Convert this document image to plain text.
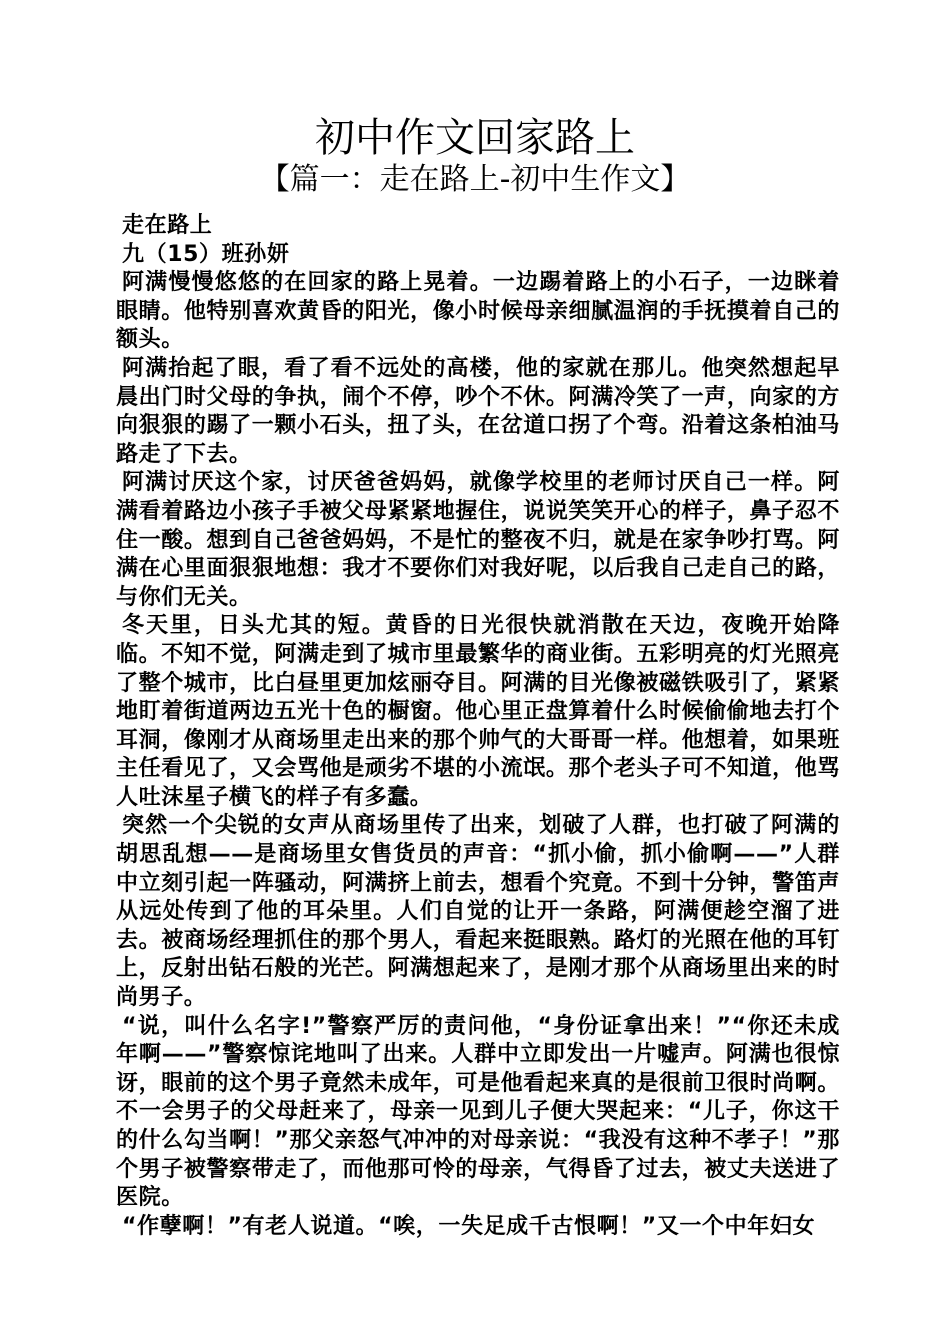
初中作文回家路上
【篇一：走在路上-初中生作文】

走在路上

九（15）班孙妍

阿满慢慢悠悠的在回家的路上晃着。一边踢着路上的小石子，一边眯着眼睛。他特别喜欢黄昏的阳光，像小时候母亲细腻温润的手抚摸着自己的额头。

阿满抬起了眼，看了看不远处的高楼，他的家就在那儿。他突然想起早晨出门时父母的争执，闹个不停，吵个不休。阿满冷笑了一声，向家的方向狠狠的踢了一颗小石头，扭了头，在岔道口拐了个弯。沿着这条柏油马路走了下去。

阿满讨厌这个家，讨厌爸爸妈妈，就像学校里的老师讨厌自己一样。阿满看着路边小孩子手被父母紧紧地握住，说说笑笑开心的样子，鼻子忍不住一酸。想到自己爸爸妈妈，不是忙的整夜不归，就是在家争吵打骂。阿满在心里面狠狠地想：我才不要你们对我好呢，以后我自己走自己的路，与你们无关。

冬天里，日头尤其的短。黄昏的日光很快就消散在天边，夜晚开始降临。不知不觉，阿满走到了城市里最繁华的商业街。五彩明亮的灯光照亮了整个城市，比白昼里更加炫丽夺目。阿满的目光像被磁铁吸引了，紧紧地盯着街道两边五光十色的橱窗。他心里正盘算着什么时候偷偷地去打个耳洞，像刚才从商场里走出来的那个帅气的大哥哥一样。他想着，如果班主任看见了，又会骂他是顽劣不堪的小流氓。那个老头子可不知道，他骂人吐沫星子横飞的样子有多蠢。

突然一个尖锐的女声从商场里传了出来，划破了人群，也打破了阿满的胡思乱想——是商场里女售货员的声音：“抓小偷，抓小偷啊——”人群中立刻引起一阵骚动，阿满挤上前去，想看个究竟。不到十分钟，警笛声从远处传到了他的耳朵里。人们自觉的让开一条路，阿满便趁空溜了进去。被商场经理抓住的那个男人，看起来挺眼熟。路灯的光照在他的耳钉上，反射出钻石般的光芒。阿满想起来了，是刚才那个从商场里出来的时尚男子。

“说，叫什么名字!”警察严厉的责问他，“身份证拿出来！”“你还未成年啊——”警察惊诧地叫了出来。人群中立即发出一片嘘声。阿满也很惊讶，眼前的这个男子竟然未成年，可是他看起来真的是很前卫很时尚啊。不一会男子的父母赶来了，母亲一见到儿子便大哭起来：“儿子，你这干的什么勾当啊！”那父亲怒气冲冲的对母亲说：“我没有这种不孝子！”那个男子被警察带走了，而他那可怜的母亲，气得昏了过去，被丈夫送进了医院。

“作孽啊！”有老人说道。“唉，一失足成千古恨啊！”又一个中年妇女
